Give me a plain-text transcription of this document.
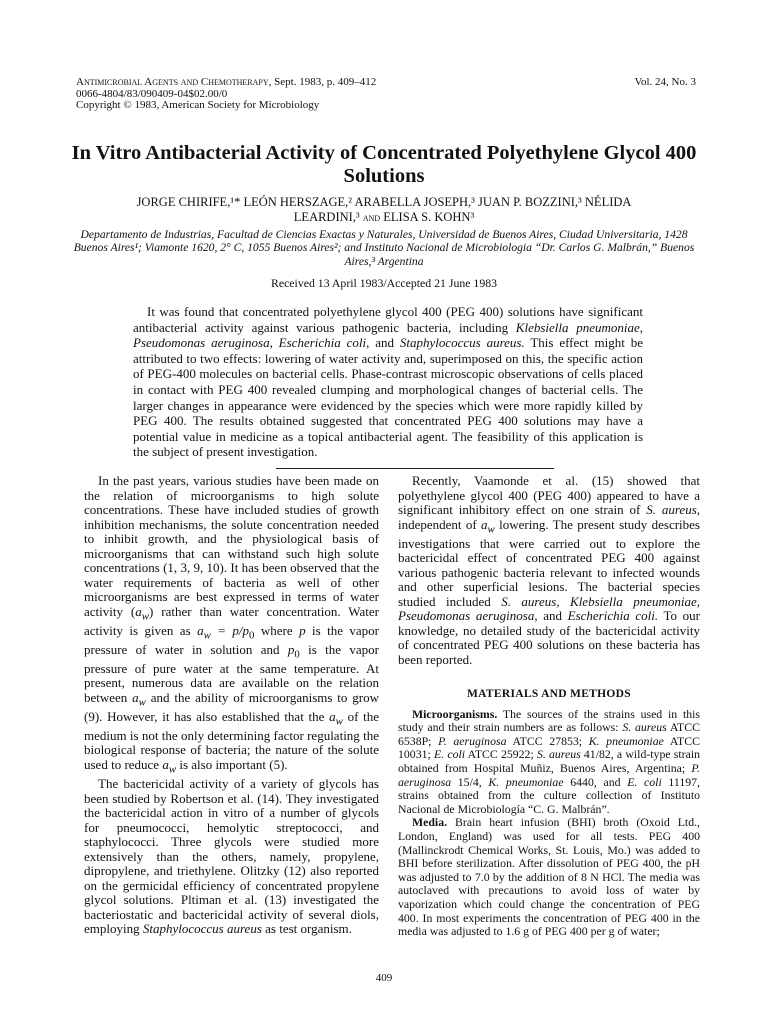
Antimicrobial Agents and Chemotherapy, Sept. 1983, p. 409–412
0066-4804/83/090409-04$02.00/0
Copyright © 1983, American Society for Microbiology
Vol. 24, No. 3
In Vitro Antibacterial Activity of Concentrated Polyethylene Glycol 400 Solutions
JORGE CHIRIFE,¹* LEÓN HERSZAGE,² ARABELLA JOSEPH,³ JUAN P. BOZZINI,³ NÉLIDA
LEARDINI,³ and ELISA S. KOHN³
Departamento de Industrias, Facultad de Ciencias Exactas y Naturales, Universidad de Buenos Aires, Ciudad Universitaria, 1428 Buenos Aires¹; Viamonte 1620, 2° C, 1055 Buenos Aires²; and Instituto Nacional de Microbiologia “Dr. Carlos G. Malbrán,” Buenos Aires,³ Argentina
Received 13 April 1983/Accepted 21 June 1983

It was found that concentrated polyethylene glycol 400 (PEG 400) solutions have significant antibacterial activity against various pathogenic bacteria, including Klebsiella pneumoniae, Pseudomonas aeruginosa, Escherichia coli, and Staphylococcus aureus. This effect might be attributed to two effects: lowering of water activity and, superimposed on this, the specific action of PEG-400 molecules on bacterial cells. Phase-contrast microscopic observations of cells placed in contact with PEG 400 revealed clumping and morphological changes of bacterial cells. The larger changes in appearance were evidenced by the species which were more rapidly killed by PEG 400. The results obtained suggested that concentrated PEG 400 solutions may have a potential value in medicine as a topical antibacterial agent. The feasibility of this application is the subject of present investigation.

In the past years, various studies have been made on the relation of microorganisms to high solute concentrations. These have included studies of growth inhibition mechanisms, the solute concentration needed to inhibit growth, and the physiological basis of microorganisms that can withstand such high solute concentrations (1, 3, 9, 10). It has been observed that the water requirements of bacteria as well of other microorganisms are best expressed in terms of water activity $(a_w)$ rather than water concentration. Water activity is given as $a_w = p/p_0$ where p is the vapor pressure of water in solution and $p_0$ is the vapor pressure of pure water at the same temperature. At present, numerous data are available on the relation between $a_w$ and the ability of microorganisms to grow (9). However, it has also established that the $a_w$ of the medium is not the only determining factor regulating the biological response of bacteria; the nature of the solute used to reduce $a_w$ is also important (5).

The bactericidal activity of a variety of glycols has been studied by Robertson et al. (14). They investigated the bactericidal action in vitro of a number of glycols for pneumococci, hemolytic streptococci, and staphylococci. Three glycols were studied more extensively than the others, namely, propylene, dipropylene, and triethylene. Olitzky (12) also reported on the germicidal efficiency of concentrated propylene glycol solutions. Pltiman et al. (13) investigated the bacteriostatic and bactericidal activity of several diols, employing Staphylococcus aureus as test organism.

Recently, Vaamonde et al. (15) showed that polyethylene glycol 400 (PEG 400) appeared to have a significant inhibitory effect on one strain of S. aureus, independent of $a_w$ lowering. The present study describes investigations that were carried out to explore the bactericidal effect of concentrated PEG 400 against various pathogenic bacteria relevant to infected wounds and other superficial lesions. The bacterial species studied included S. aureus, Klebsiella pneumoniae, Pseudomonas aeruginosa, and Escherichia coli. To our knowledge, no detailed study of the bactericidal activity of concentrated PEG 400 solutions on these bacteria has been reported.

MATERIALS AND METHODS

Microorganisms. The sources of the strains used in this study and their strain numbers are as follows: S. aureus ATCC 6538P; P. aeruginosa ATCC 27853; K. pneumoniae ATCC 10031; E. coli ATCC 25922; S. aureus 41/82, a wild-type strain obtained from Hospital Muñiz, Buenos Aires, Argentina; P. aeruginosa 15/4, K. pneumoniae 6440, and E. coli 11197, strains obtained from the culture collection of Instituto Nacional de Microbiología “C. G. Malbrán”.

Media. Brain heart infusion (BHI) broth (Oxoid Ltd., London, England) was used for all tests. PEG 400 (Mallinckrodt Chemical Works, St. Louis, Mo.) was added to BHI before sterilization. After dissolution of PEG 400, the pH was adjusted to 7.0 by the addition of 8 N HCl. The media was autoclaved with precautions to avoid loss of water by vaporization which could change the concentration of PEG 400. In most experiments the concentration of PEG 400 in the media was adjusted to 1.6 g of PEG 400 per g of water;

409
